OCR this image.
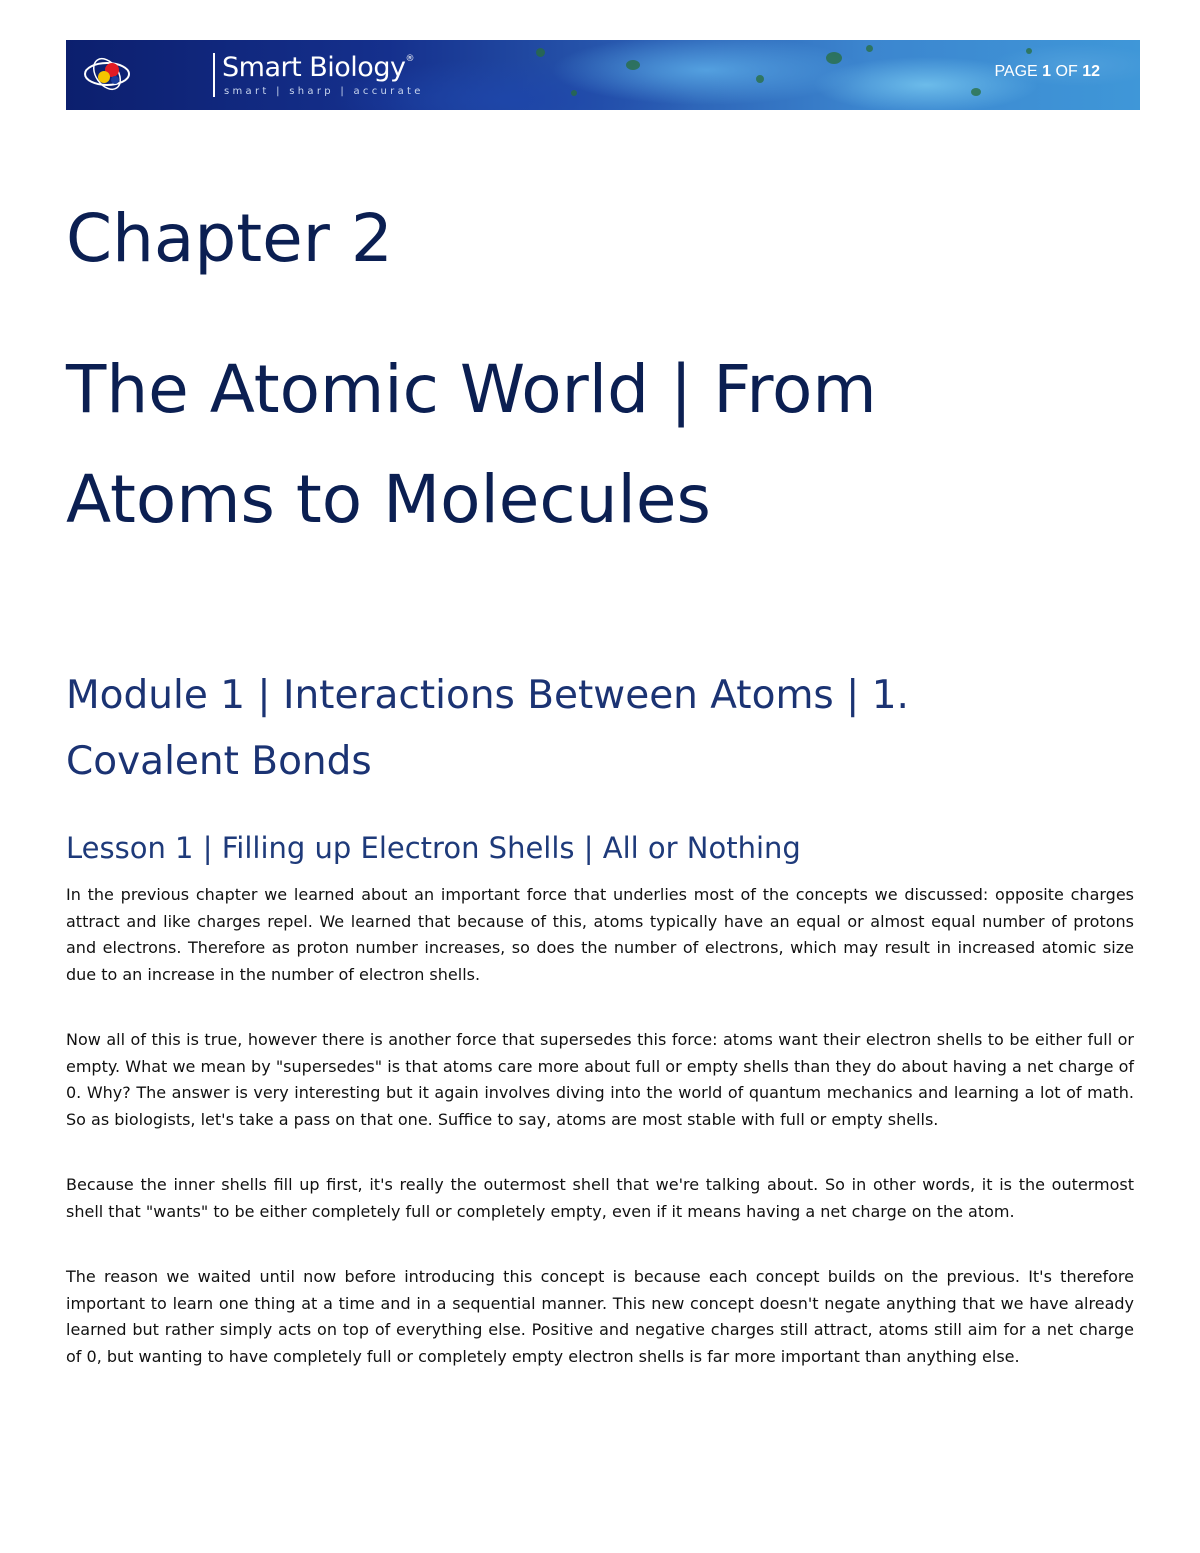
Smart Biology®
smart | sharp | accurate
PAGE 1 OF 12
Chapter 2
The Atomic World | From
Atoms to Molecules
Module 1 | Interactions Between Atoms | 1.
Covalent Bonds
Lesson 1 | Filling up Electron Shells | All or Nothing

In the previous chapter we learned about an important force that underlies most of the concepts we discussed: opposite charges attract and like charges repel. We learned that because of this, atoms typically have an equal or almost equal number of protons and electrons. Therefore as proton number increases, so does the number of electrons, which may result in increased atomic size due to an increase in the number of electron shells.

Now all of this is true, however there is another force that supersedes this force: atoms want their electron shells to be either full or empty. What we mean by "supersedes" is that atoms care more about full or empty shells than they do about having a net charge of 0. Why? The answer is very interesting but it again involves diving into the world of quantum mechanics and learning a lot of math. So as biologists, let's take a pass on that one. Suffice to say, atoms are most stable with full or empty shells.

Because the inner shells fill up first, it's really the outermost shell that we're talking about. So in other words, it is the outermost shell that "wants" to be either completely full or completely empty, even if it means having a net charge on the atom.

The reason we waited until now before introducing this concept is because each concept builds on the previous. It's therefore important to learn one thing at a time and in a sequential manner. This new concept doesn't negate anything that we have already learned but rather simply acts on top of everything else. Positive and negative charges still attract, atoms still aim for a net charge of 0, but wanting to have completely full or completely empty electron shells is far more important than anything else.
